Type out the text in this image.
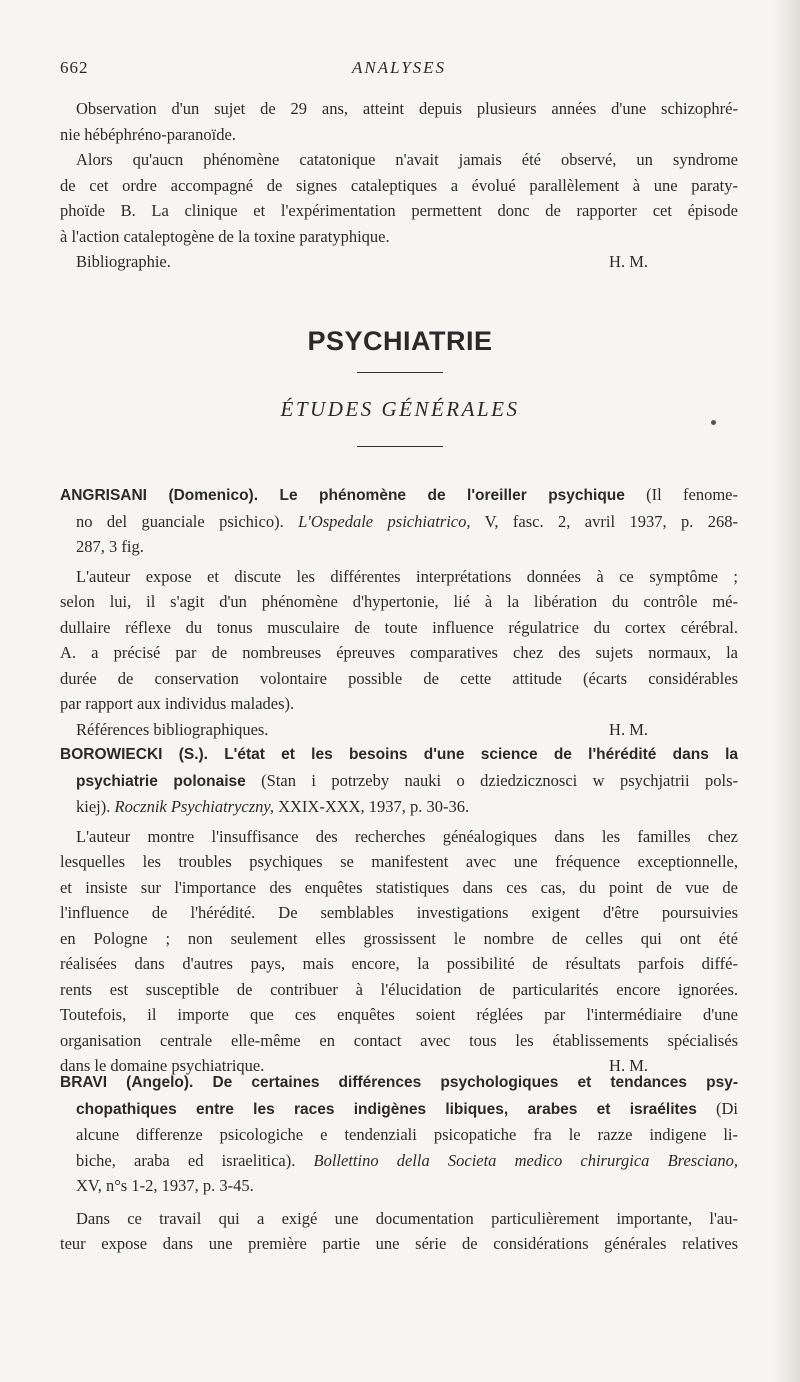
662	ANALYSES
Observation d'un sujet de 29 ans, atteint depuis plusieurs années d'une schizophré-
nie hébéphréno-paranoïde.
Alors qu'aucn phénomène catatonique n'avait jamais été observé, un syndrome
de cet ordre accompagné de signes cataleptiques a évolué parallèlement à une paraty-
phoïde B. La clinique et l'expérimentation permettent donc de rapporter cet épisode
à l'action cataleptogène de la toxine paratyphique.
Bibliographie.	H. M.
PSYCHIATRIE
ÉTUDES GÉNÉRALES
ANGRISANI (Domenico). Le phénomène de l'oreiller psychique (Il fenome-
no del guanciale psichico). L'Ospedale psichiatrico, V, fasc. 2, avril 1937, p. 268-
287, 3 fig.
L'auteur expose et discute les différentes interprétations données à ce symptôme ;
selon lui, il s'agit d'un phénomène d'hypertonie, lié à la libération du contrôle mé-
dullaire réflexe du tonus musculaire de toute influence régulatrice du cortex cérébral.
A. a précisé par de nombreuses épreuves comparatives chez des sujets normaux, la
durée de conservation volontaire possible de cette attitude (écarts considérables
par rapport aux individus malades).
Références bibliographiques.	H. M.
BOROWIECKI (S.). L'état et les besoins d'une science de l'hérédité dans la
psychiatrie polonaise (Stan i potrzeby nauki o dziedzicznosci w psychjatrii pols-
kiej). Rocznik Psychiatryczny, XXIX-XXX, 1937, p. 30-36.
L'auteur montre l'insuffisance des recherches généalogiques dans les familles chez
lesquelles les troubles psychiques se manifestent avec une fréquence exceptionnelle,
et insiste sur l'importance des enquêtes statistiques dans ces cas, du point de vue de
l'influence de l'hérédité. De semblables investigations exigent d'être poursuivies
en Pologne ; non seulement elles grossissent le nombre de celles qui ont été
réalisées dans d'autres pays, mais encore, la possibilité de résultats parfois diffé-
rents est susceptible de contribuer à l'élucidation de particularités encore ignorées.
Toutefois, il importe que ces enquêtes soient réglées par l'intermédiaire d'une
organisation centrale elle-même en contact avec tous les établissements spécialisés
dans le domaine psychiatrique.	H. M.
BRAVI (Angelo). De certaines différences psychologiques et tendances psy-
chopathiques entre les races indigènes libiques, arabes et israélites (Di
alcune differenze psicologiche e tendenziali psicopatiche fra le razze indigene li-
biche, araba ed israelitica). Bollettino della Societa medico chirurgica Bresciano,
XV, n°s 1-2, 1937, p. 3-45.
Dans ce travail qui a exigé une documentation particulièrement importante, l'au-
teur expose dans une première partie une série de considérations générales relatives
